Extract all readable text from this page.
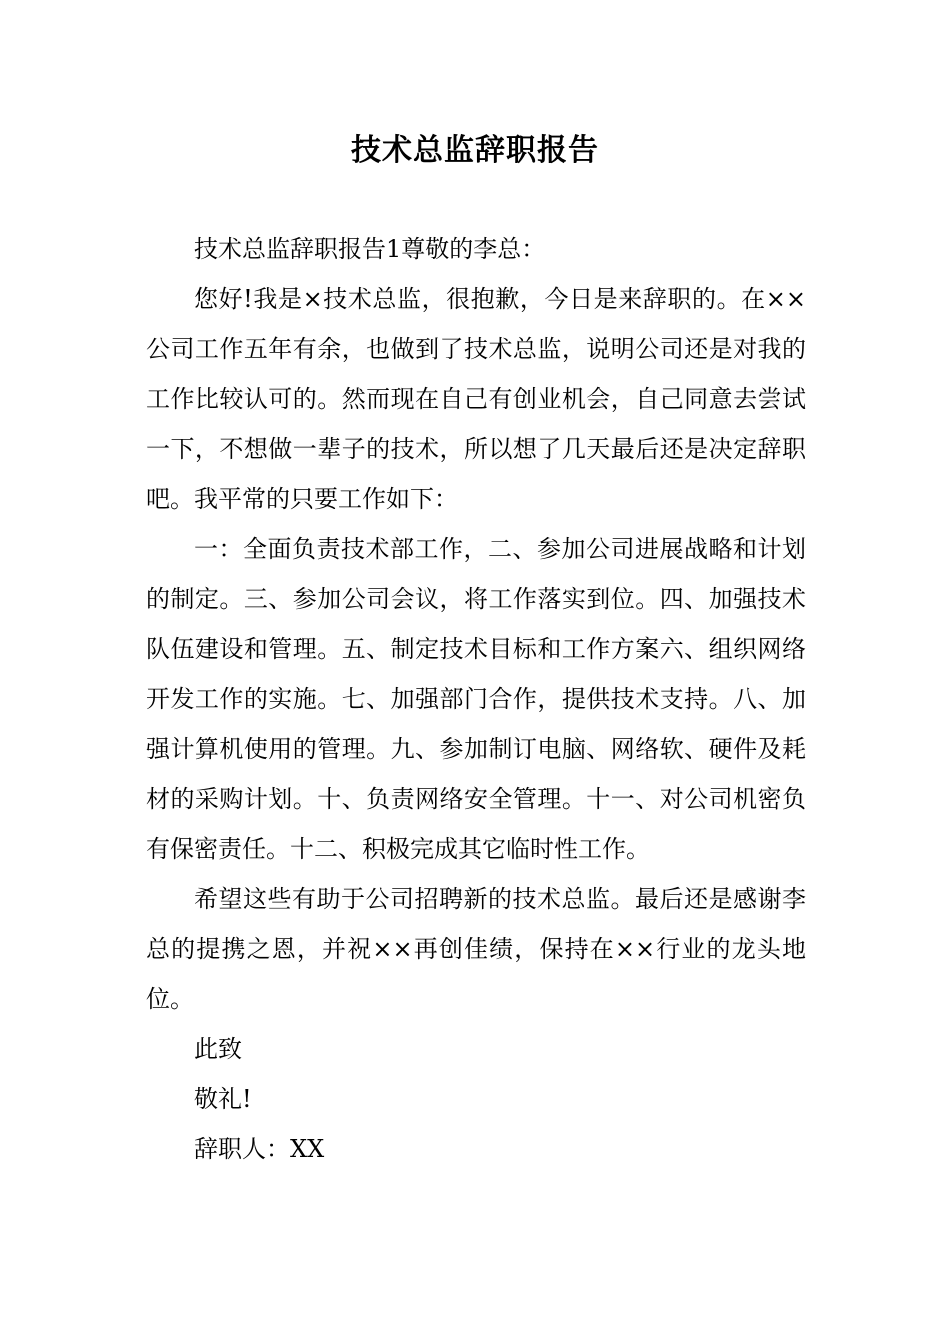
技术总监辞职报告

技术总监辞职报告1尊敬的李总：

您好!我是×技术总监，很抱歉，今日是来辞职的。在××公司工作五年有余，也做到了技术总监，说明公司还是对我的工作比较认可的。然而现在自己有创业机会，自己同意去尝试一下，不想做一辈子的技术，所以想了几天最后还是决定辞职吧。我平常的只要工作如下：

一：全面负责技术部工作，二、参加公司进展战略和计划的制定。三、参加公司会议，将工作落实到位。四、加强技术队伍建设和管理。五、制定技术目标和工作方案六、组织网络开发工作的实施。七、加强部门合作，提供技术支持。八、加强计算机使用的管理。九、参加制订电脑、网络软、硬件及耗材的采购计划。十、负责网络安全管理。十一、对公司机密负有保密责任。十二、积极完成其它临时性工作。

希望这些有助于公司招聘新的技术总监。最后还是感谢李总的提携之恩，并祝××再创佳绩，保持在××行业的龙头地位。

此致

敬礼!

辞职人：XX
